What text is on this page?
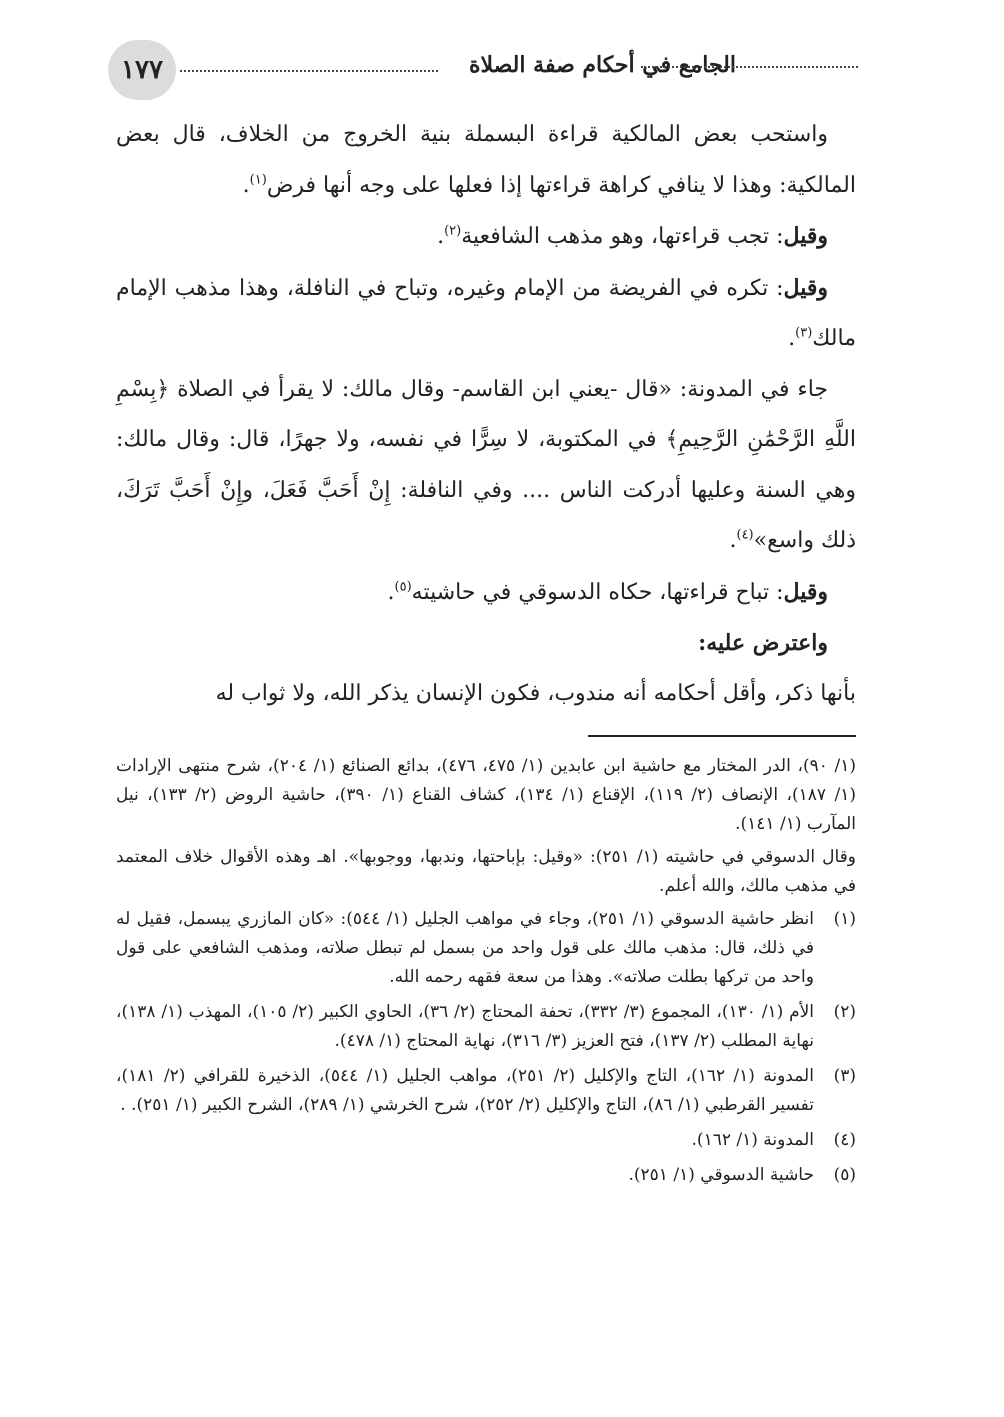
١٧٧	الجامع في أحكام صفة الصلاة

واستحب بعض المالكية قراءة البسملة بنية الخروج من الخلاف، قال بعض المالكية: وهذا لا ينافي كراهة قراءتها إذا فعلها على وجه أنها فرض$^{(١)}$.

وقيل: تجب قراءتها، وهو مذهب الشافعية$^{(٢)}$.

وقيل: تكره في الفريضة من الإمام وغيره، وتباح في النافلة، وهذا مذهب الإمام مالك$^{(٣)}$.

جاء في المدونة: «قال -يعني ابن القاسم- وقال مالك: لا يقرأ في الصلاة ﴿بِسْمِ اللَّهِ الرَّحْمَٰنِ الرَّحِيمِ﴾ في المكتوبة، لا سِرًّا في نفسه، ولا جهرًا، قال: وقال مالك: وهي السنة وعليها أدركت الناس .... وفي النافلة: إِنْ أَحَبَّ فَعَلَ، وإِنْ أَحَبَّ تَرَكَ، ذلك واسع»$^{(٤)}$.

وقيل: تباح قراءتها، حكاه الدسوقي في حاشيته$^{(٥)}$.

واعترض عليه:

بأنها ذكر، وأقل أحكامه أنه مندوب، فكون الإنسان يذكر الله، ولا ثواب له

(١/ ٩٠)، الدر المختار مع حاشية ابن عابدين (١/ ٤٧٥، ٤٧٦)، بدائع الصنائع (١/ ٢٠٤)، شرح منتهى الإرادات (١/ ١٨٧)، الإنصاف (٢/ ١١٩)، الإقناع (١/ ١٣٤)، كشاف القناع (١/ ٣٩٠)، حاشية الروض (٢/ ١٣٣)، نيل المآرب (١/ ١٤١).

وقال الدسوقي في حاشيته (١/ ٢٥١): «وقيل: بإباحتها، وندبها، ووجوبها». اهـ وهذه الأقوال خلاف المعتمد في مذهب مالك، والله أعلم.

(١)
انظر حاشية الدسوقي (١/ ٢٥١)، وجاء في مواهب الجليل (١/ ٥٤٤): «كان المازري يبسمل، فقيل له في ذلك، قال: مذهب مالك على قول واحد من بسمل لم تبطل صلاته، ومذهب الشافعي على قول واحد من تركها بطلت صلاته». وهذا من سعة فقهه رحمه الله.
(٢)
الأم (١/ ١٣٠)، المجموع (٣/ ٣٣٢)، تحفة المحتاج (٢/ ٣٦)، الحاوي الكبير (٢/ ١٠٥)، المهذب (١/ ١٣٨)، نهاية المطلب (٢/ ١٣٧)، فتح العزيز (٣/ ٣١٦)، نهاية المحتاج (١/ ٤٧٨).
(٣)
المدونة (١/ ١٦٢)، التاج والإكليل (٢/ ٢٥١)، مواهب الجليل (١/ ٥٤٤)، الذخيرة للقرافي (٢/ ١٨١)، تفسير القرطبي (١/ ٨٦)، التاج والإكليل (٢/ ٢٥٢)، شرح الخرشي (١/ ٢٨٩)، الشرح الكبير (١/ ٢٥١). .
(٤)
المدونة (١/ ١٦٢).
(٥)
حاشية الدسوقي (١/ ٢٥١).
